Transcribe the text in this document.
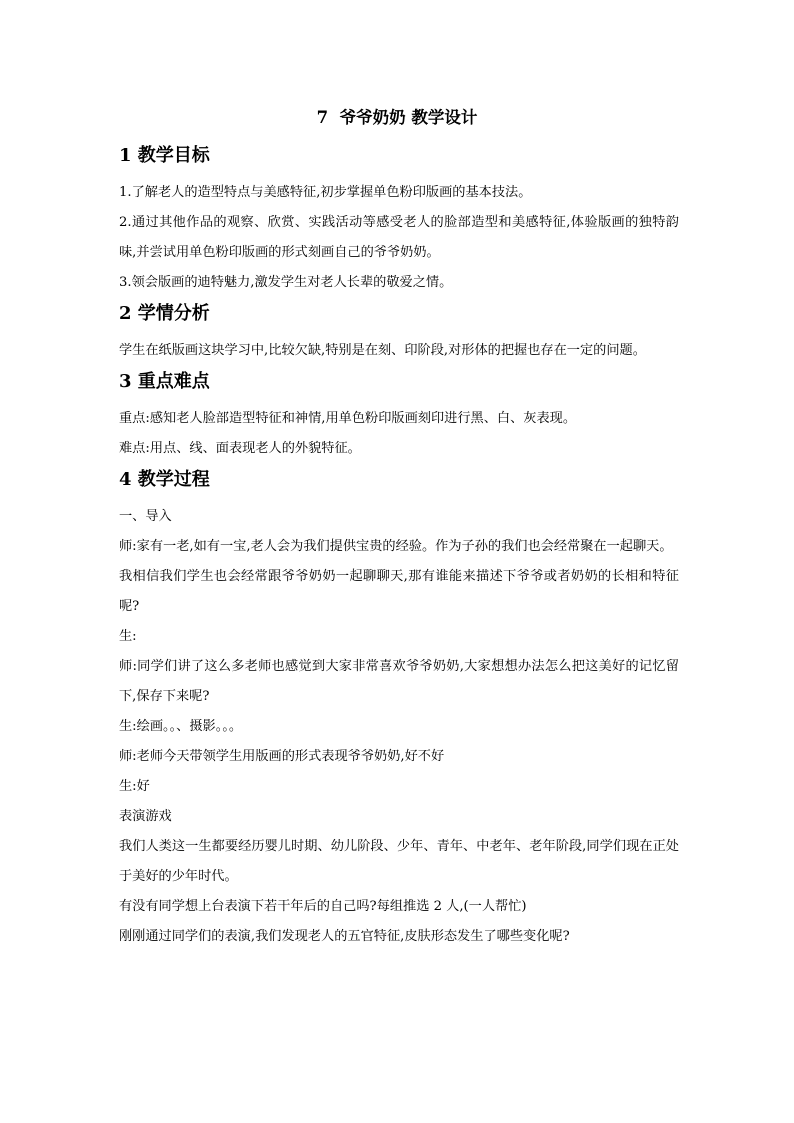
7  爷爷奶奶 教学设计
1 教学目标
1.了解老人的造型特点与美感特征,初步掌握单色粉印版画的基本技法。
2.通过其他作品的观察、欣赏、实践活动等感受老人的脸部造型和美感特征,体验版画的独特韵味,并尝试用单色粉印版画的形式刻画自己的爷爷奶奶。
3.领会版画的迪特魅力,激发学生对老人长辈的敬爱之情。
2 学情分析
学生在纸版画这块学习中,比较欠缺,特别是在刻、印阶段,对形体的把握也存在一定的问题。
3 重点难点
重点:感知老人脸部造型特征和神情,用单色粉印版画刻印进行黑、白、灰表现。
难点:用点、线、面表现老人的外貌特征。
4 教学过程
一、导入
师:家有一老,如有一宝,老人会为我们提供宝贵的经验。作为子孙的我们也会经常聚在一起聊天。
我相信我们学生也会经常跟爷爷奶奶一起聊聊天,那有谁能来描述下爷爷或者奶奶的长相和特征呢?
生:
师:同学们讲了这么多老师也感觉到大家非常喜欢爷爷奶奶,大家想想办法怎么把这美好的记忆留下,保存下来呢?
生:绘画。。、摄影。。。
师:老师今天带领学生用版画的形式表现爷爷奶奶,好不好
生:好
表演游戏
我们人类这一生都要经历婴儿时期、幼儿阶段、少年、青年、中老年、老年阶段,同学们现在正处于美好的少年时代。
有没有同学想上台表演下若干年后的自己吗?每组推选 2 人,(一人帮忙)
刚刚通过同学们的表演,我们发现老人的五官特征,皮肤形态发生了哪些变化呢?
